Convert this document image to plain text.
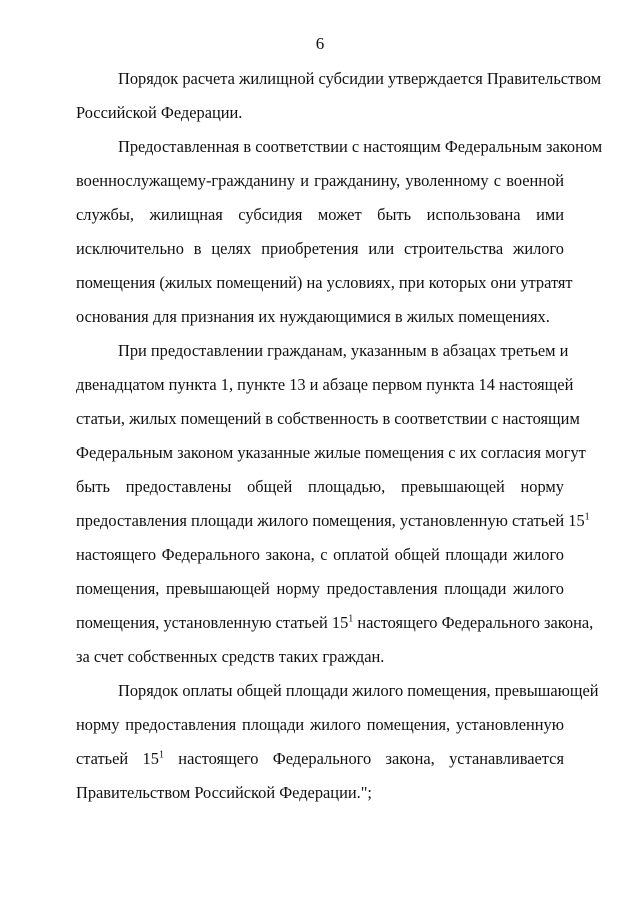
6
Порядок расчета жилищной субсидии утверждается Правительством
Российской Федерации.
Предоставленная в соответствии с настоящим Федеральным законом
военнослужащему-гражданину и гражданину, уволенному с военной
службы, жилищная субсидия может быть использована ими
исключительно в целях приобретения или строительства жилого
помещения (жилых помещений) на условиях, при которых они утратят
основания для признания их нуждающимися в жилых помещениях.
При предоставлении гражданам, указанным в абзацах третьем и
двенадцатом пункта 1, пункте 13 и абзаце первом пункта 14 настоящей
статьи, жилых помещений в собственность в соответствии с настоящим
Федеральным законом указанные жилые помещения с их согласия могут
быть предоставлены общей площадью, превышающей норму
предоставления площади жилого помещения, установленную статьей $15^1$
настоящего Федерального закона, с оплатой общей площади жилого
помещения, превышающей норму предоставления площади жилого
помещения, установленную статьей $15^1$ настоящего Федерального закона,
за счет собственных средств таких граждан.
Порядок оплаты общей площади жилого помещения, превышающей
норму предоставления площади жилого помещения, установленную
статьей $15^1$ настоящего Федерального закона, устанавливается
Правительством Российской Федерации.";
